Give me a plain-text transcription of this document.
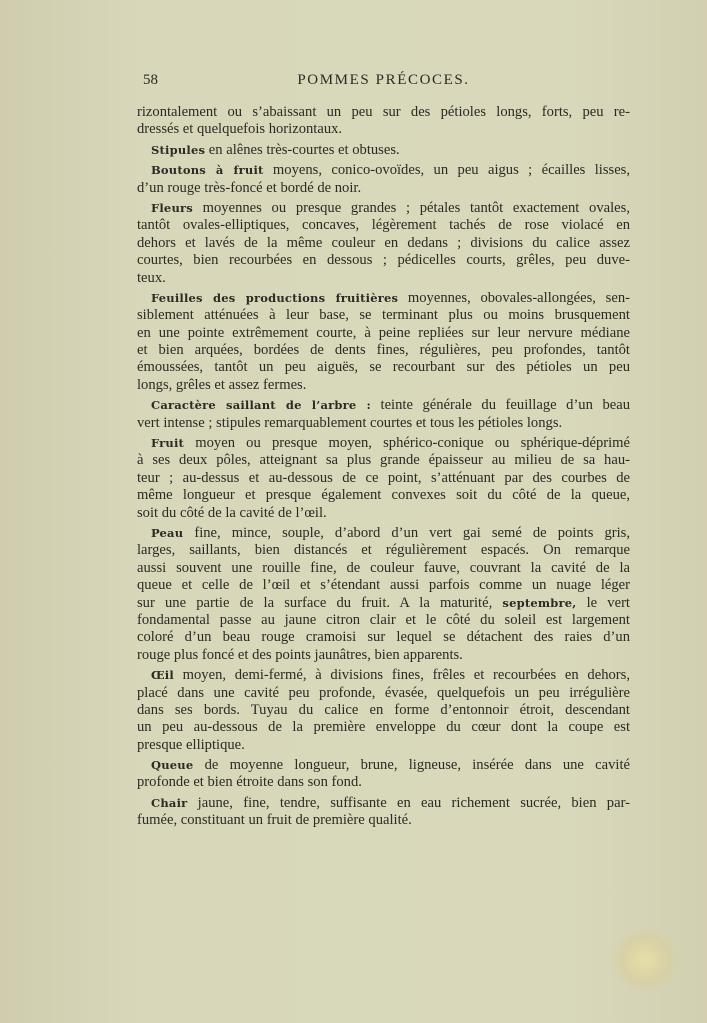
58	POMMES PRÉCOCES.
rizontalement ou s’abaissant un peu sur des pétioles longs, forts, peu re-
dressés et quelquefois horizontaux.
Stipules en alênes très-courtes et obtuses.
Boutons à fruit moyens, conico-ovoïdes, un peu aigus ; écailles lisses,
d’un rouge très-foncé et bordé de noir.
Fleurs moyennes ou presque grandes ; pétales tantôt exactement ovales,
tantôt ovales-elliptiques, concaves, légèrement tachés de rose violacé en
dehors et lavés de la même couleur en dedans ; divisions du calice assez
courtes, bien recourbées en dessous ; pédicelles courts, grêles, peu duve-
teux.
Feuilles des productions fruitières moyennes, obovales-allongées, sen-
siblement atténuées à leur base, se terminant plus ou moins brusquement
en une pointe extrêmement courte, à peine repliées sur leur nervure médiane
et bien arquées, bordées de dents fines, régulières, peu profondes, tantôt
émoussées, tantôt un peu aiguës, se recourbant sur des pétioles un peu
longs, grêles et assez fermes.
Caractère saillant de l’arbre : teinte générale du feuillage d’un beau
vert intense ; stipules remarquablement courtes et tous les pétioles longs.
Fruit moyen ou presque moyen, sphérico-conique ou sphérique-déprimé
à ses deux pôles, atteignant sa plus grande épaisseur au milieu de sa hau-
teur ; au-dessus et au-dessous de ce point, s’atténuant par des courbes de
même longueur et presque également convexes soit du côté de la queue,
soit du côté de la cavité de l’œil.
Peau fine, mince, souple, d’abord d’un vert gai semé de points gris,
larges, saillants, bien distancés et régulièrement espacés. On remarque
aussi souvent une rouille fine, de couleur fauve, couvrant la cavité de la
queue et celle de l’œil et s’étendant aussi parfois comme un nuage léger
sur une partie de la surface du fruit. A la maturité, septembre, le vert
fondamental passe au jaune citron clair et le côté du soleil est largement
coloré d’un beau rouge cramoisi sur lequel se détachent des raies d’un
rouge plus foncé et des points jaunâtres, bien apparents.
Œil moyen, demi-fermé, à divisions fines, frêles et recourbées en dehors,
placé dans une cavité peu profonde, évasée, quelquefois un peu irrégulière
dans ses bords. Tuyau du calice en forme d’entonnoir étroit, descendant
un peu au-dessous de la première enveloppe du cœur dont la coupe est
presque elliptique.
Queue de moyenne longueur, brune, ligneuse, insérée dans une cavité
profonde et bien étroite dans son fond.
Chair jaune, fine, tendre, suffisante en eau richement sucrée, bien par-
fumée, constituant un fruit de première qualité.
